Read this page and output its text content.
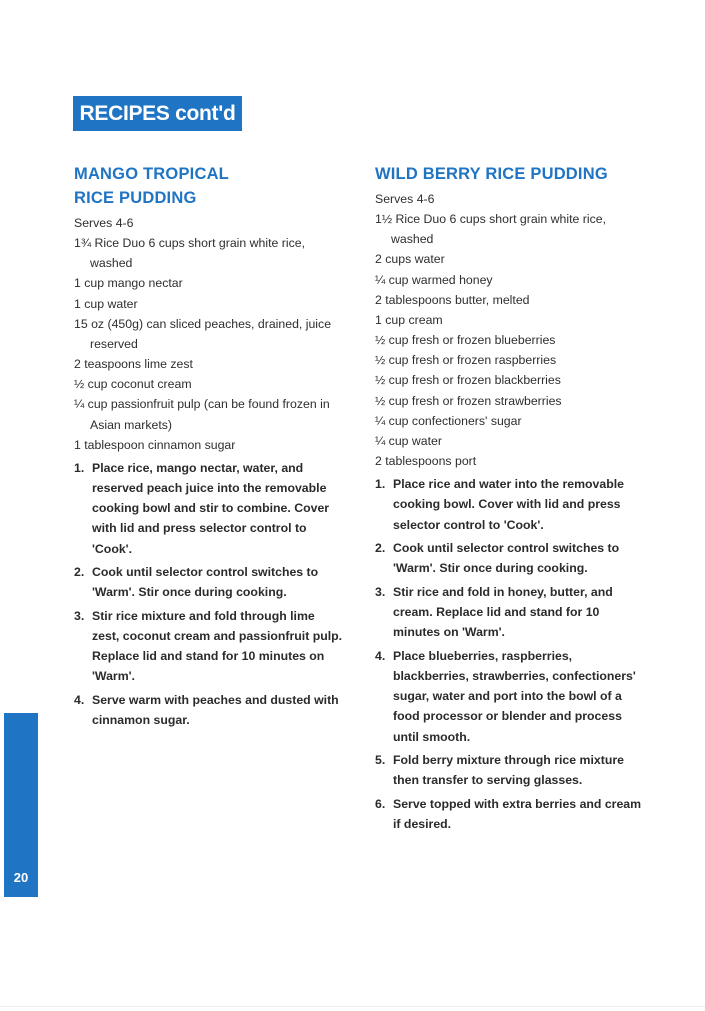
RECIPES cont'd
MANGO TROPICAL
RICE PUDDING

Serves 4-6

1¾ Rice Duo 6 cups short grain white rice, washed

1 cup mango nectar

1 cup water

15 oz (450g) can sliced peaches, drained, juice reserved

2 teaspoons lime zest

½ cup coconut cream

¼ cup passionfruit pulp (can be found frozen in Asian markets)

1 tablespoon cinnamon sugar

1. Place rice, mango nectar, water, and reserved peach juice into the removable cooking bowl and stir to combine. Cover with lid and press selector control to 'Cook'.
2. Cook until selector control switches to 'Warm'. Stir once during cooking.
3. Stir rice mixture and fold through lime zest, coconut cream and passionfruit pulp. Replace lid and stand for 10 minutes on 'Warm'.
4. Serve warm with peaches and dusted with cinnamon sugar.
WILD BERRY RICE PUDDING

Serves 4-6

1½ Rice Duo 6 cups short grain white rice, washed

2 cups water

¼ cup warmed honey

2 tablespoons butter, melted

1 cup cream

½ cup fresh or frozen blueberries

½ cup fresh or frozen raspberries

½ cup fresh or frozen blackberries

½ cup fresh or frozen strawberries

¼ cup confectioners' sugar

¼ cup water

2 tablespoons port

1. Place rice and water into the removable cooking bowl. Cover with lid and press selector control to 'Cook'.
2. Cook until selector control switches to 'Warm'. Stir once during cooking.
3. Stir rice and fold in honey, butter, and cream. Replace lid and stand for 10 minutes on 'Warm'.
4. Place blueberries, raspberries, blackberries, strawberries, confectioners' sugar, water and port into the bowl of a food processor or blender and process until smooth.
5. Fold berry mixture through rice mixture then transfer to serving glasses.
6. Serve topped with extra berries and cream if desired.
20
